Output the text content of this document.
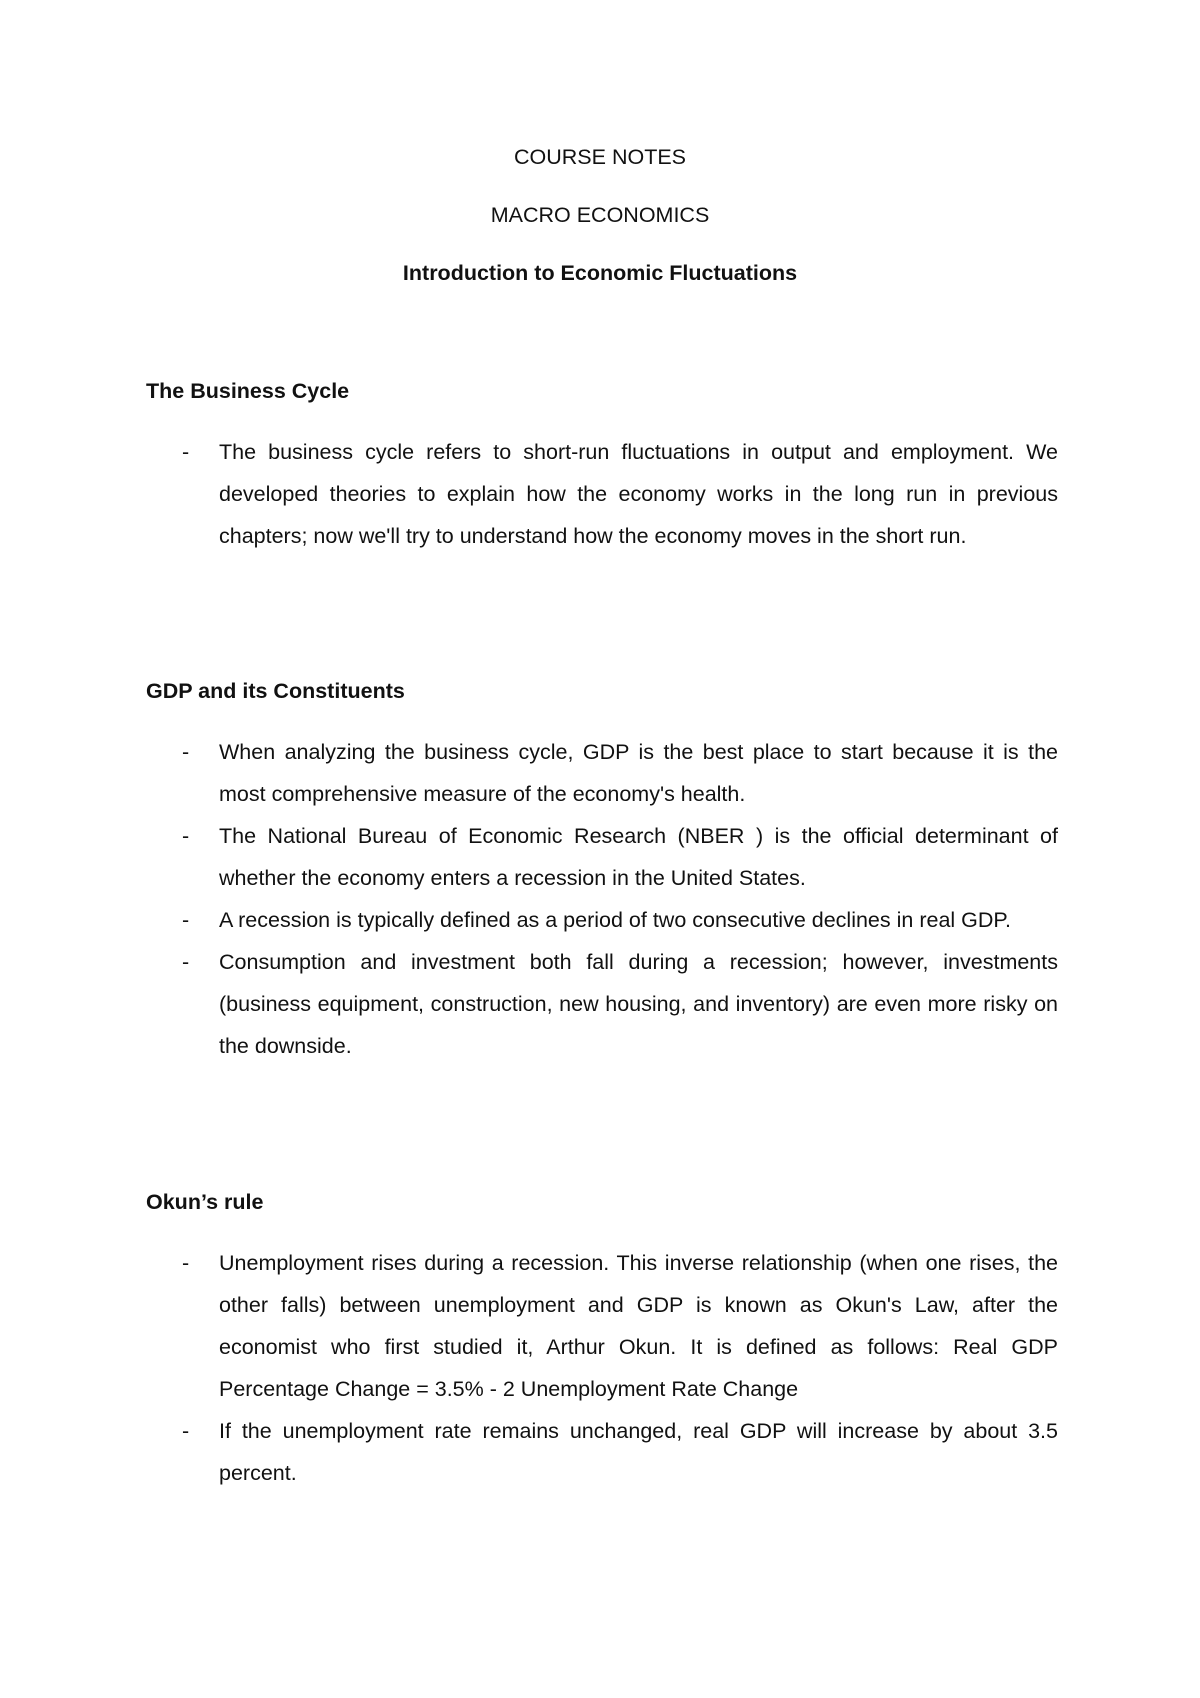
COURSE NOTES

MACRO ECONOMICS

Introduction to Economic Fluctuations

The Business Cycle

- The business cycle refers to short-run fluctuations in output and employment. We developed theories to explain how the economy works in the long run in previous chapters; now we'll try to understand how the economy moves in the short run.

GDP and its Constituents

- When analyzing the business cycle, GDP is the best place to start because it is the most comprehensive measure of the economy's health.
- The National Bureau of Economic Research (NBER ) is the official determinant of whether the economy enters a recession in the United States.
- A recession is typically defined as a period of two consecutive declines in real GDP.
- Consumption and investment both fall during a recession; however, investments (business equipment, construction, new housing, and inventory) are even more risky on the downside.

Okun’s rule

- Unemployment rises during a recession. This inverse relationship (when one rises, the other falls) between unemployment and GDP is known as Okun's Law, after the economist who first studied it, Arthur Okun. It is defined as follows: Real GDP Percentage Change = 3.5% - 2 Unemployment Rate Change
- If the unemployment rate remains unchanged, real GDP will increase by about 3.5 percent.
